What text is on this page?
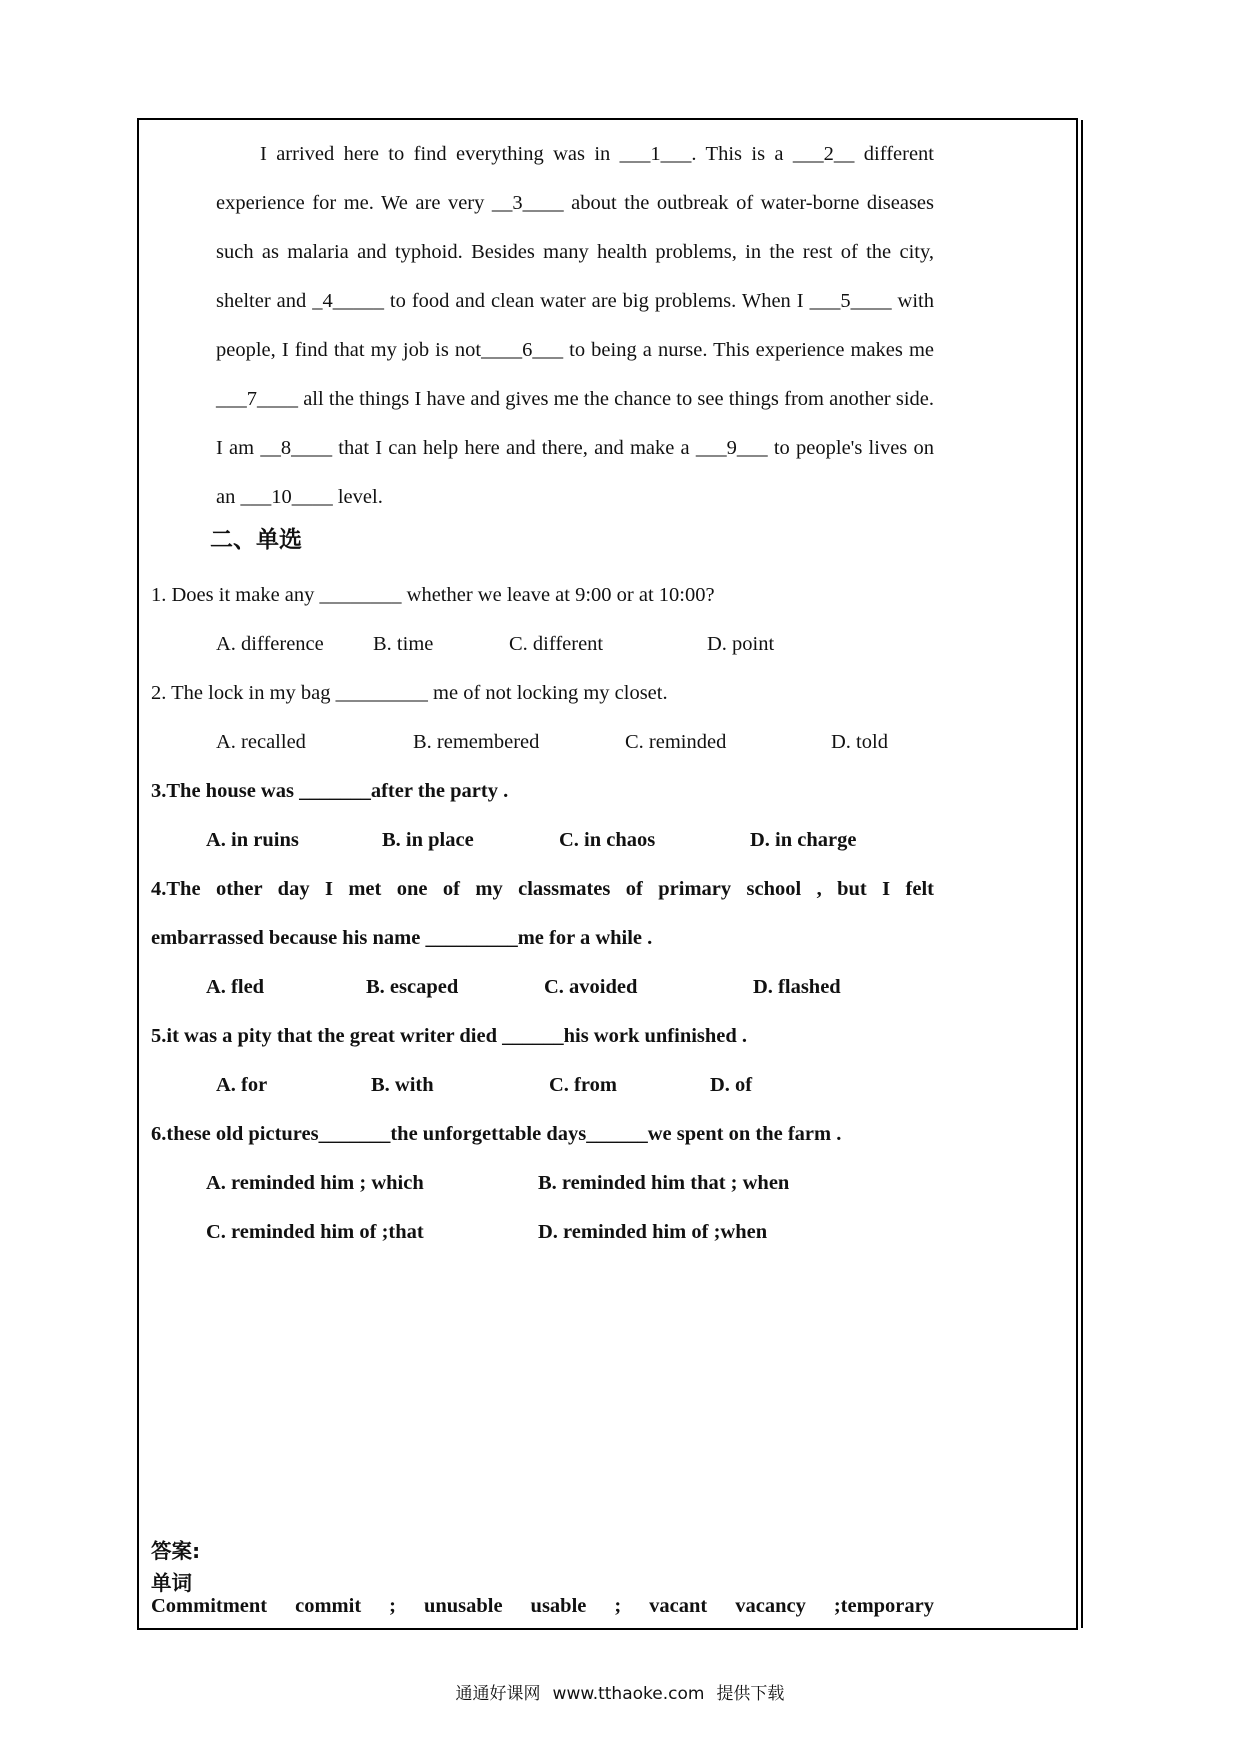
I arrived here to find everything was in ___1___. This is a ___2__ different experience for me. We are very __3____ about the outbreak of water-borne diseases such as malaria and typhoid. Besides many health problems, in the rest of the city, shelter and _4_____ to food and clean water are big problems. When I ___5____ with people, I find that my job is not____6___ to being a nurse. This experience makes me ___7____ all the things I have and gives me the chance to see things from another side. I am __8____ that I can help here and there, and make a ___9___ to people's lives on an ___10____ level.
二、单选
1. Does it make any ________ whether we leave at 9:00 or at 10:00?
A. difference B. time	C. different	D. point
2. The lock in my bag _________ me of not locking my closet.
A. recalled	B. remembered	C. reminded	D. told
3.The house was _______after the party .
A. in ruins	B. in place	C. in chaos	D. in charge
4.The other day I met one of my classmates of primary school , but I felt
embarrassed because his name _________me for a while .
A. fled	B. escaped	C. avoided	D. flashed
5.it was a pity that the great writer died ______his work unfinished .
A. for	B. with	C. from	D. of
6.these old pictures_______the unforgettable days______we spent on the farm .
A. reminded him ; which	B. reminded him that ; when
C. reminded him of ;that	D. reminded him of ;when
答案:
单词
Commitment commit ; unusable usable ; vacant vacancy ;temporary
通通好课网 www.tthaoke.com 提供下载
